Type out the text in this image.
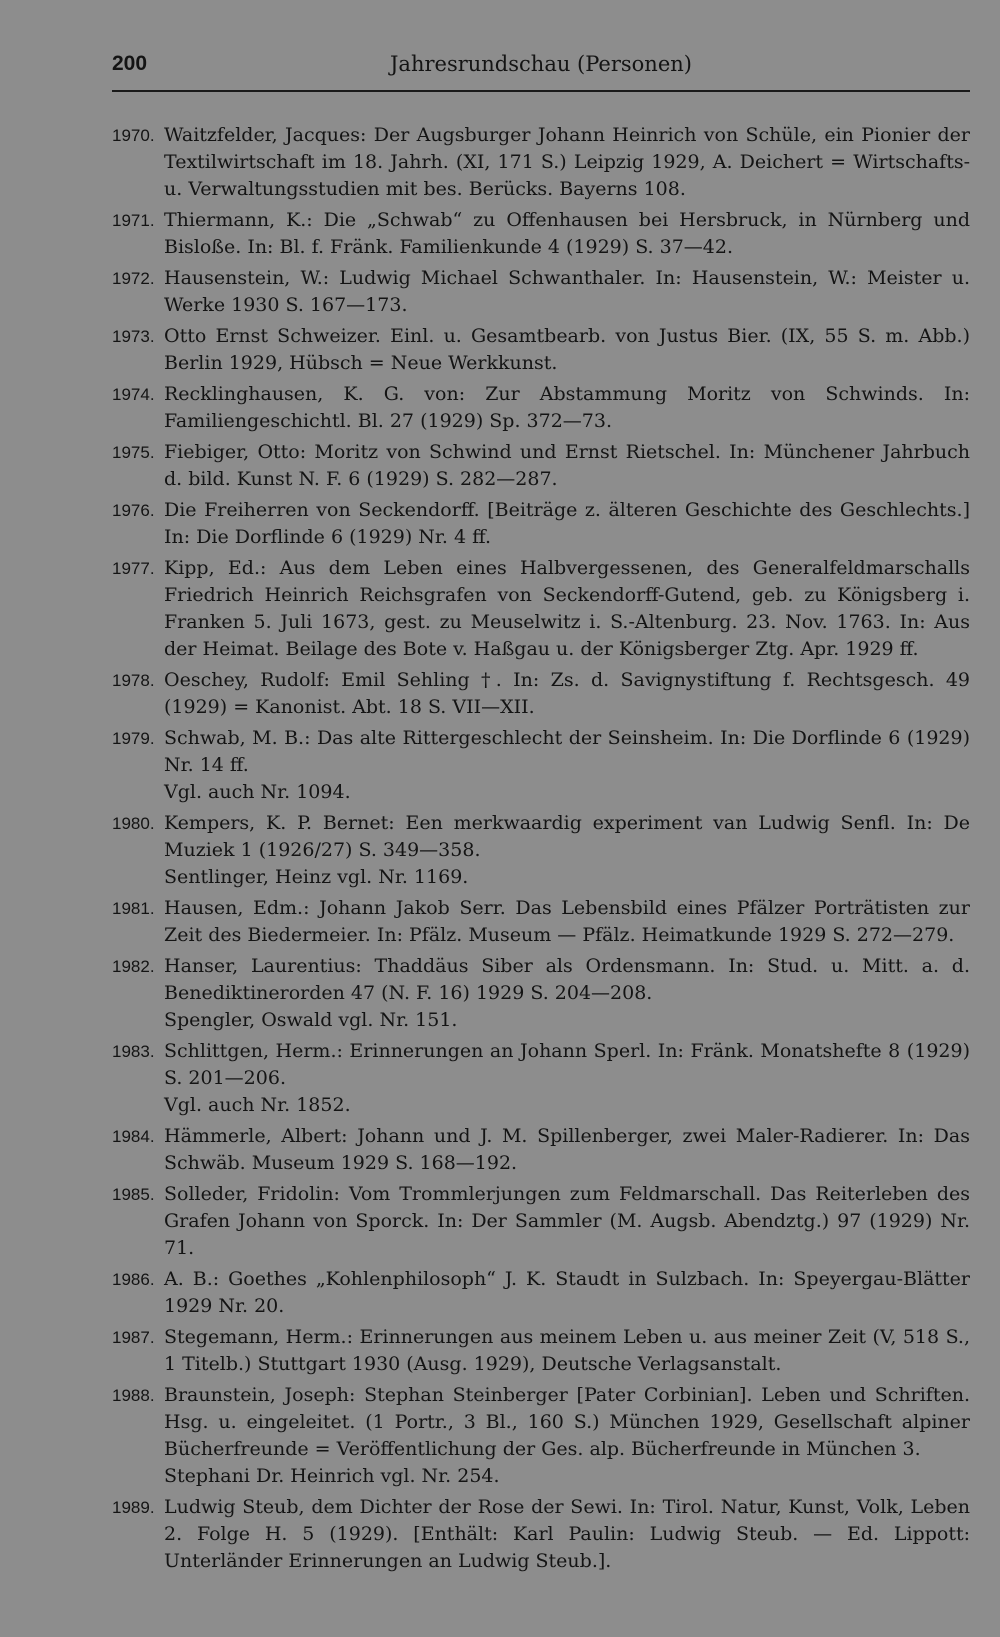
200	Jahresrundschau (Personen)
1970. Waitzfelder, Jacques: Der Augsburger Johann Heinrich von Schüle, ein Pionier der Textilwirtschaft im 18. Jahrh. (XI, 171 S.) Leipzig 1929, A. Deichert = Wirtschafts- u. Verwaltungsstudien mit bes. Berücks. Bayerns 108.
1971. Thiermann, K.: Die „Schwab“ zu Offenhausen bei Hersbruck, in Nürnberg und Bisloße. In: Bl. f. Fränk. Familienkunde 4 (1929) S. 37—42.
1972. Hausenstein, W.: Ludwig Michael Schwanthaler. In: Hausenstein, W.: Meister u. Werke 1930 S. 167—173.
1973. Otto Ernst Schweizer. Einl. u. Gesamtbearb. von Justus Bier. (IX, 55 S. m. Abb.) Berlin 1929, Hübsch = Neue Werkkunst.
1974. Recklinghausen, K. G. von: Zur Abstammung Moritz von Schwinds. In: Familiengeschichtl. Bl. 27 (1929) Sp. 372—73.
1975. Fiebiger, Otto: Moritz von Schwind und Ernst Rietschel. In: Münchener Jahrbuch d. bild. Kunst N. F. 6 (1929) S. 282—287.
1976. Die Freiherren von Seckendorff. [Beiträge z. älteren Geschichte des Geschlechts.] In: Die Dorflinde 6 (1929) Nr. 4 ff.
1977. Kipp, Ed.: Aus dem Leben eines Halbvergessenen, des Generalfeldmarschalls Friedrich Heinrich Reichsgrafen von Seckendorff-Gutend, geb. zu Königsberg i. Franken 5. Juli 1673, gest. zu Meuselwitz i. S.-Altenburg. 23. Nov. 1763. In: Aus der Heimat. Beilage des Bote v. Haßgau u. der Königsberger Ztg. Apr. 1929 ff.
1978. Oeschey, Rudolf: Emil Sehling †. In: Zs. d. Savignystiftung f. Rechtsgesch. 49 (1929) = Kanonist. Abt. 18 S. VII—XII.
1979. Schwab, M. B.: Das alte Rittergeschlecht der Seinsheim. In: Die Dorflinde 6 (1929) Nr. 14 ff.
Vgl. auch Nr. 1094.
1980. Kempers, K. P. Bernet: Een merkwaardig experiment van Ludwig Senfl. In: De Muziek 1 (1926/27) S. 349—358.
Sentlinger, Heinz vgl. Nr. 1169.
1981. Hausen, Edm.: Johann Jakob Serr. Das Lebensbild eines Pfälzer Porträtisten zur Zeit des Biedermeier. In: Pfälz. Museum — Pfälz. Heimatkunde 1929 S. 272—279.
1982. Hanser, Laurentius: Thaddäus Siber als Ordensmann. In: Stud. u. Mitt. a. d. Benediktinerorden 47 (N. F. 16) 1929 S. 204—208.
Spengler, Oswald vgl. Nr. 151.
1983. Schlittgen, Herm.: Erinnerungen an Johann Sperl. In: Fränk. Monatshefte 8 (1929) S. 201—206.
Vgl. auch Nr. 1852.
1984. Hämmerle, Albert: Johann und J. M. Spillenberger, zwei Maler-Radierer. In: Das Schwäb. Museum 1929 S. 168—192.
1985. Solleder, Fridolin: Vom Trommlerjungen zum Feldmarschall. Das Reiterleben des Grafen Johann von Sporck. In: Der Sammler (M. Augsb. Abendztg.) 97 (1929) Nr. 71.
1986. A. B.: Goethes „Kohlenphilosoph“ J. K. Staudt in Sulzbach. In: Speyergau-Blätter 1929 Nr. 20.
1987. Stegemann, Herm.: Erinnerungen aus meinem Leben u. aus meiner Zeit (V, 518 S., 1 Titelb.) Stuttgart 1930 (Ausg. 1929), Deutsche Verlagsanstalt.
1988. Braunstein, Joseph: Stephan Steinberger [Pater Corbinian]. Leben und Schriften. Hsg. u. eingeleitet. (1 Portr., 3 Bl., 160 S.) München 1929, Gesellschaft alpiner Bücherfreunde = Veröffentlichung der Ges. alp. Bücherfreunde in München 3.
Stephani Dr. Heinrich vgl. Nr. 254.
1989. Ludwig Steub, dem Dichter der Rose der Sewi. In: Tirol. Natur, Kunst, Volk, Leben 2. Folge H. 5 (1929). [Enthält: Karl Paulin: Ludwig Steub. — Ed. Lippott: Unterländer Erinnerungen an Ludwig Steub.].
